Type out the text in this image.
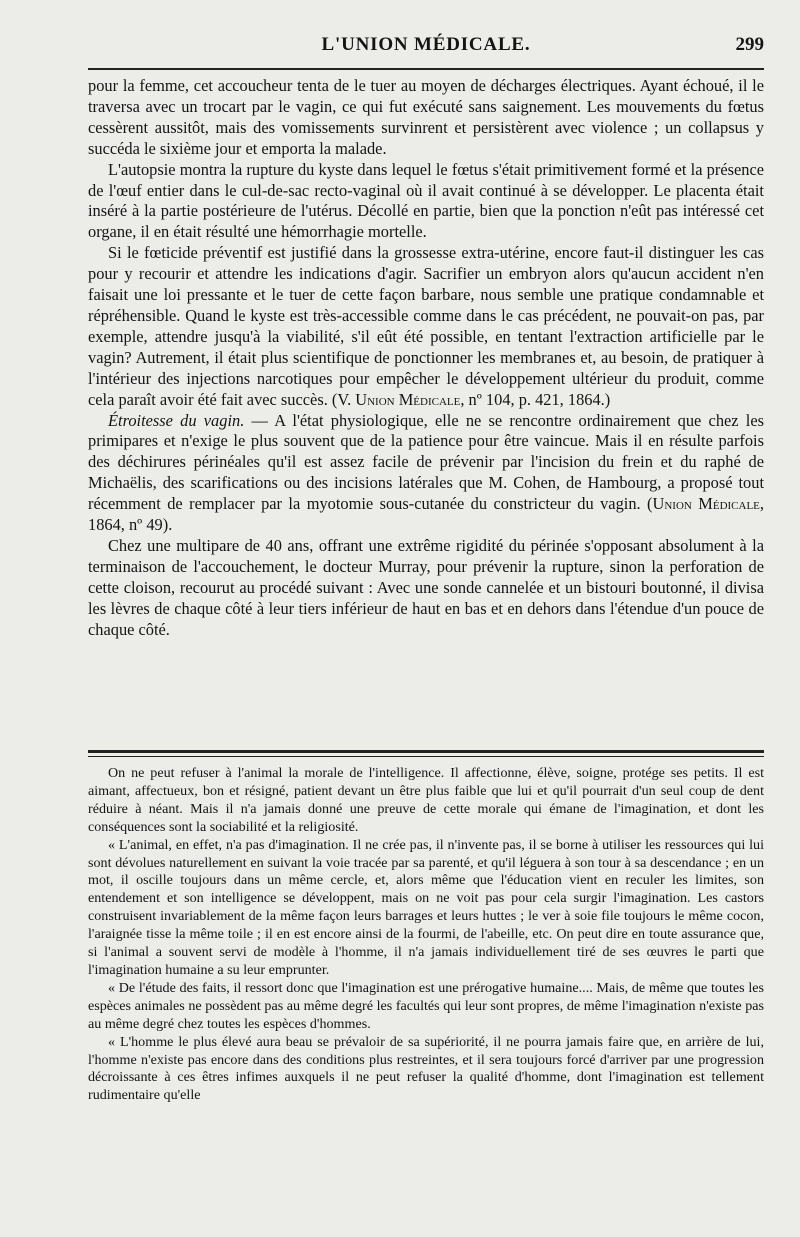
L'UNION MÉDICALE.	299

pour la femme, cet accoucheur tenta de le tuer au moyen de décharges électriques. Ayant échoué, il le traversa avec un trocart par le vagin, ce qui fut exécuté sans saignement. Les mouvements du fœtus cessèrent aussitôt, mais des vomissements survinrent et persistèrent avec violence ; un collapsus y succéda le sixième jour et emporta la malade.

L'autopsie montra la rupture du kyste dans lequel le fœtus s'était primitivement formé et la présence de l'œuf entier dans le cul-de-sac recto-vaginal où il avait continué à se développer. Le placenta était inséré à la partie postérieure de l'utérus. Décollé en partie, bien que la ponction n'eût pas intéressé cet organe, il en était résulté une hémorrhagie mortelle.

Si le fœticide préventif est justifié dans la grossesse extra-utérine, encore faut-il distinguer les cas pour y recourir et attendre les indications d'agir. Sacrifier un embryon alors qu'aucun accident n'en faisait une loi pressante et le tuer de cette façon barbare, nous semble une pratique condamnable et répréhensible. Quand le kyste est très-accessible comme dans le cas précédent, ne pouvait-on pas, par exemple, attendre jusqu'à la viabilité, s'il eût été possible, en tentant l'extraction artificielle par le vagin? Autrement, il était plus scientifique de ponctionner les membranes et, au besoin, de pratiquer à l'intérieur des injections narcotiques pour empêcher le développement ultérieur du produit, comme cela paraît avoir été fait avec succès. (V. Union Médicale, nº 104, p. 421, 1864.)

Étroitesse du vagin. — A l'état physiologique, elle ne se rencontre ordinairement que chez les primipares et n'exige le plus souvent que de la patience pour être vaincue. Mais il en résulte parfois des déchirures périnéales qu'il est assez facile de prévenir par l'incision du frein et du raphé de Michaëlis, des scarifications ou des incisions latérales que M. Cohen, de Hambourg, a proposé tout récemment de remplacer par la myotomie sous-cutanée du constricteur du vagin. (Union Médicale, 1864, nº 49).

Chez une multipare de 40 ans, offrant une extrême rigidité du périnée s'opposant absolument à la terminaison de l'accouchement, le docteur Murray, pour prévenir la rupture, sinon la perforation de cette cloison, recourut au procédé suivant : Avec une sonde cannelée et un bistouri boutonné, il divisa les lèvres de chaque côté à leur tiers inférieur de haut en bas et en dehors dans l'étendue d'un pouce de chaque côté.

On ne peut refuser à l'animal la morale de l'intelligence. Il affectionne, élève, soigne, protége ses petits. Il est aimant, affectueux, bon et résigné, patient devant un être plus faible que lui et qu'il pourrait d'un seul coup de dent réduire à néant. Mais il n'a jamais donné une preuve de cette morale qui émane de l'imagination, et dont les conséquences sont la sociabilité et la religiosité.

« L'animal, en effet, n'a pas d'imagination. Il ne crée pas, il n'invente pas, il se borne à utiliser les ressources qui lui sont dévolues naturellement en suivant la voie tracée par sa parenté, et qu'il léguera à son tour à sa descendance ; en un mot, il oscille toujours dans un même cercle, et, alors même que l'éducation vient en reculer les limites, son entendement et son intelligence se développent, mais on ne voit pas pour cela surgir l'imagination. Les castors construisent invariablement de la même façon leurs barrages et leurs huttes ; le ver à soie file toujours le même cocon, l'araignée tisse la même toile ; il en est encore ainsi de la fourmi, de l'abeille, etc. On peut dire en toute assurance que, si l'animal a souvent servi de modèle à l'homme, il n'a jamais individuellement tiré de ses œuvres le parti que l'imagination humaine a su leur emprunter.

« De l'étude des faits, il ressort donc que l'imagination est une prérogative humaine.... Mais, de même que toutes les espèces animales ne possèdent pas au même degré les facultés qui leur sont propres, de même l'imagination n'existe pas au même degré chez toutes les espèces d'hommes.

« L'homme le plus élevé aura beau se prévaloir de sa supériorité, il ne pourra jamais faire que, en arrière de lui, l'homme n'existe pas encore dans des conditions plus restreintes, et il sera toujours forcé d'arriver par une progression décroissante à ces êtres infimes auxquels il ne peut refuser la qualité d'homme, dont l'imagination est tellement rudimentaire qu'elle
